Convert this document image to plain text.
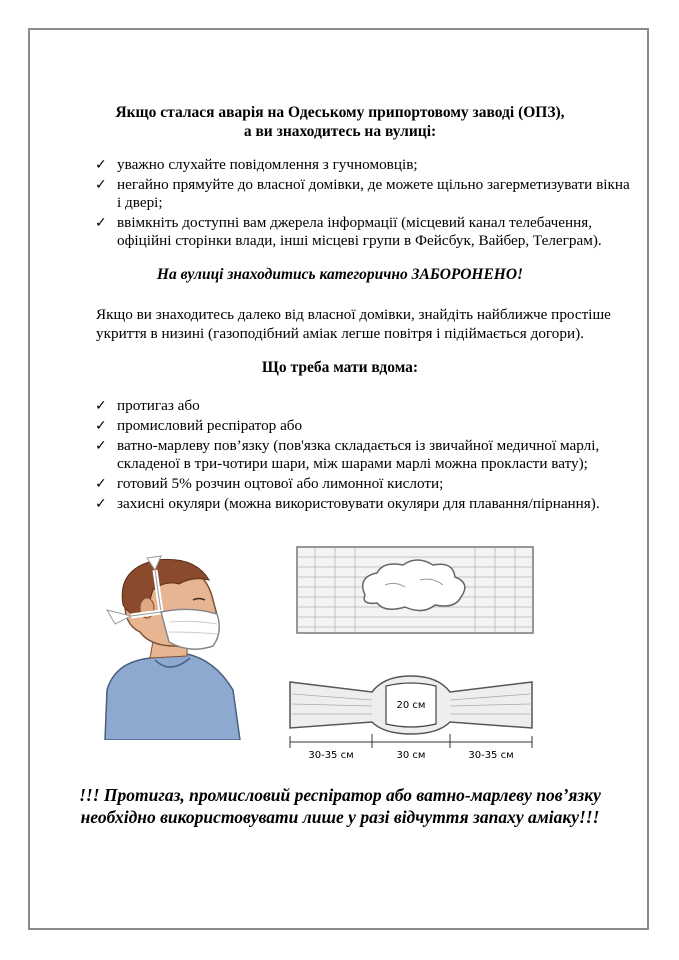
Якщо сталася аварія на Одеському припортовому заводі (ОПЗ),
а ви знаходитесь на вулиці:
✓ уважно слухайте повідомлення з гучномовців;
✓ негайно прямуйте до власної домівки, де можете щільно загерметизувати вікна і двері;
✓ ввімкніть доступні вам джерела інформації (місцевий канал телебачення, офіційні сторінки влади, інші місцеві групи в Фейсбук, Вайбер, Телеграм).
На вулиці знаходитись категорично ЗАБОРОНЕНО!
Якщо ви знаходитесь далеко від власної домівки, знайдіть найближче простіше укриття в низині (газоподібний аміак легше повітря і підіймається догори).
Що треба мати вдома:
✓ протигаз або
✓ промисловий респіратор або
✓ ватно-марлеву пов’язку (пов'язка складається із звичайної медичної марлі, складеної в три-чотири шари, між шарами марлі можна прокласти вату);
✓ готовий 5% розчин оцтової або лимонної кислоти;
✓ захисні окуляри (можна використовувати окуляри для плавання/пірнання).
20 см
30-35 см	30 см	30-35 см
!!! Протигаз, промисловий респіратор або ватно-марлеву пов’язку необхідно використовувати лише у разі відчуття запаху аміаку!!!
